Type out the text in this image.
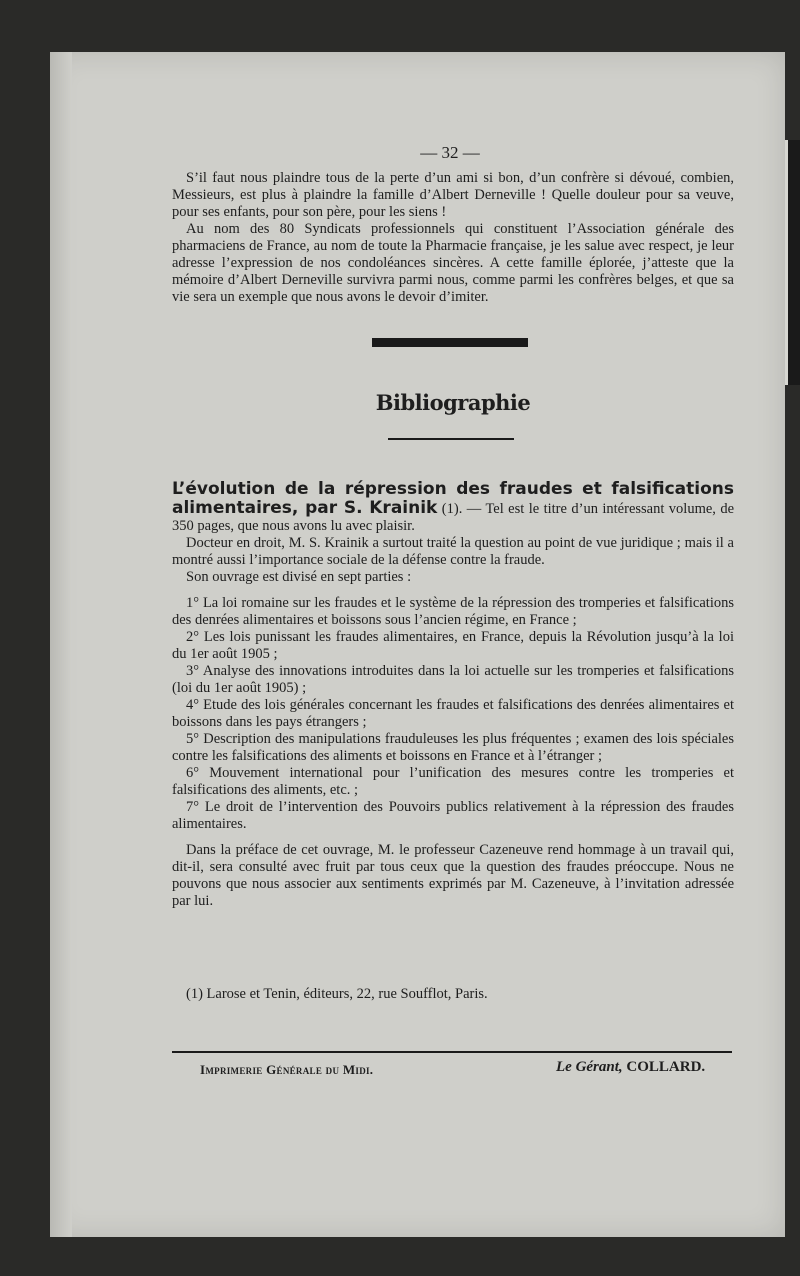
— 32 —

S’il faut nous plaindre tous de la perte d’un ami si bon, d’un confrère si dévoué, combien, Messieurs, est plus à plaindre la famille d’Albert Derneville ! Quelle douleur pour sa veuve, pour ses enfants, pour son père, pour les siens !

Au nom des 80 Syndicats professionnels qui constituent l’Association générale des pharmaciens de France, au nom de toute la Pharmacie française, je les salue avec respect, je leur adresse l’expression de nos condoléances sincères. A cette famille éplorée, j’atteste que la mémoire d’Albert Derneville survivra parmi nous, comme parmi les confrères belges, et que sa vie sera un exemple que nous avons le devoir d’imiter.

Bibliographie

L’évolution de la répression des fraudes et falsifications alimentaires, par S. Krainik (1). — Tel est le titre d’un intéressant volume, de 350 pages, que nous avons lu avec plaisir.

Docteur en droit, M. S. Krainik a surtout traité la question au point de vue juridique ; mais il a montré aussi l’importance sociale de la défense contre la fraude.

Son ouvrage est divisé en sept parties :

1° La loi romaine sur les fraudes et le système de la répression des tromperies et falsifications des denrées alimentaires et boissons sous l’ancien régime, en France ;

2° Les lois punissant les fraudes alimentaires, en France, depuis la Révolution jusqu’à la loi du 1er août 1905 ;

3° Analyse des innovations introduites dans la loi actuelle sur les tromperies et falsifications (loi du 1er août 1905) ;

4° Etude des lois générales concernant les fraudes et falsifications des denrées alimentaires et boissons dans les pays étrangers ;

5° Description des manipulations frauduleuses les plus fréquentes ; examen des lois spéciales contre les falsifications des aliments et boissons en France et à l’étranger ;

6° Mouvement international pour l’unification des mesures contre les tromperies et falsifications des aliments, etc. ;

7° Le droit de l’intervention des Pouvoirs publics relativement à la répression des fraudes alimentaires.

Dans la préface de cet ouvrage, M. le professeur Cazeneuve rend hommage à un travail qui, dit-il, sera consulté avec fruit par tous ceux que la question des fraudes préoccupe. Nous ne pouvons que nous associer aux sentiments exprimés par M. Cazeneuve, à l’invitation adressée par lui.

(1) Larose et Tenin, éditeurs, 22, rue Soufflot, Paris.
Imprimerie Générale du Midi.	Le Gérant, COLLARD.
